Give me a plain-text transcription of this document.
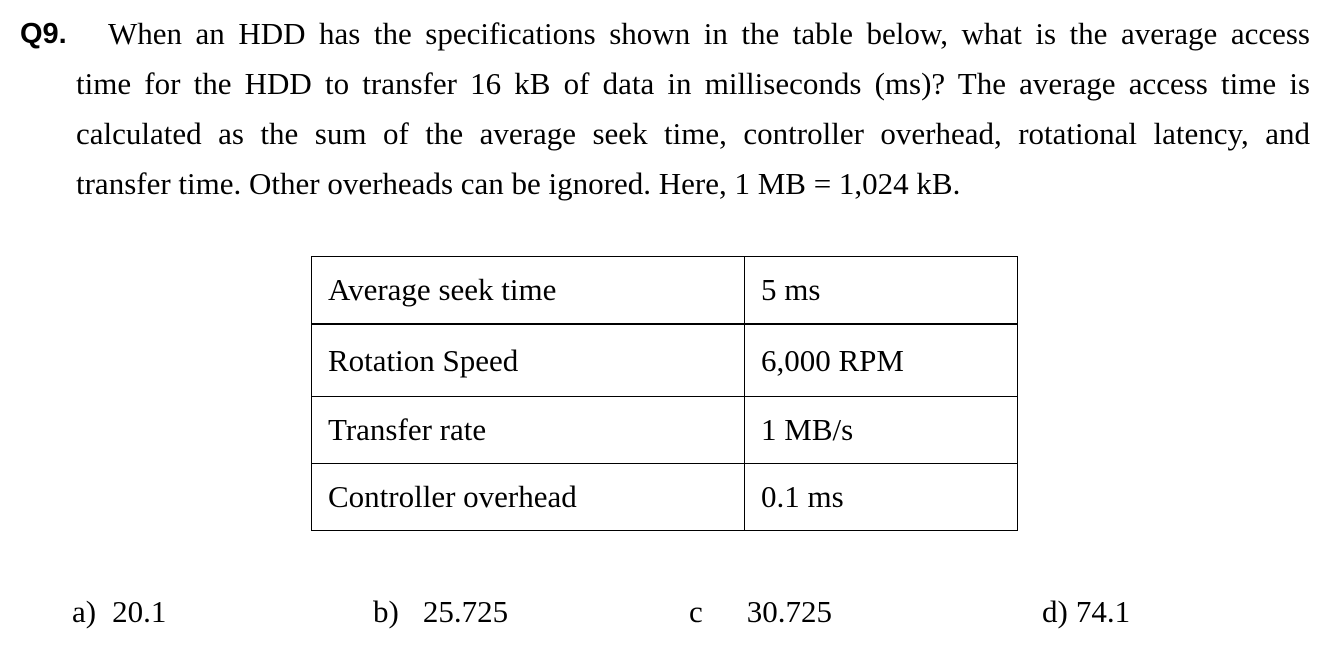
Q9. When an HDD has the specifications shown in the table below, what is the average access
time for the HDD to transfer 16 kB of data in milliseconds (ms)? The average access time is
calculated as the sum of the average seek time, controller overhead, rotational latency, and
transfer time. Other overheads can be ignored. Here, 1 MB = 1,024 kB.
Average seek time	5 ms
Rotation Speed	6,000 RPM
Transfer rate	1 MB/s
Controller overhead	0.1 ms
a) 20.1	b) 25.725	c 30.725	d) 74.1
